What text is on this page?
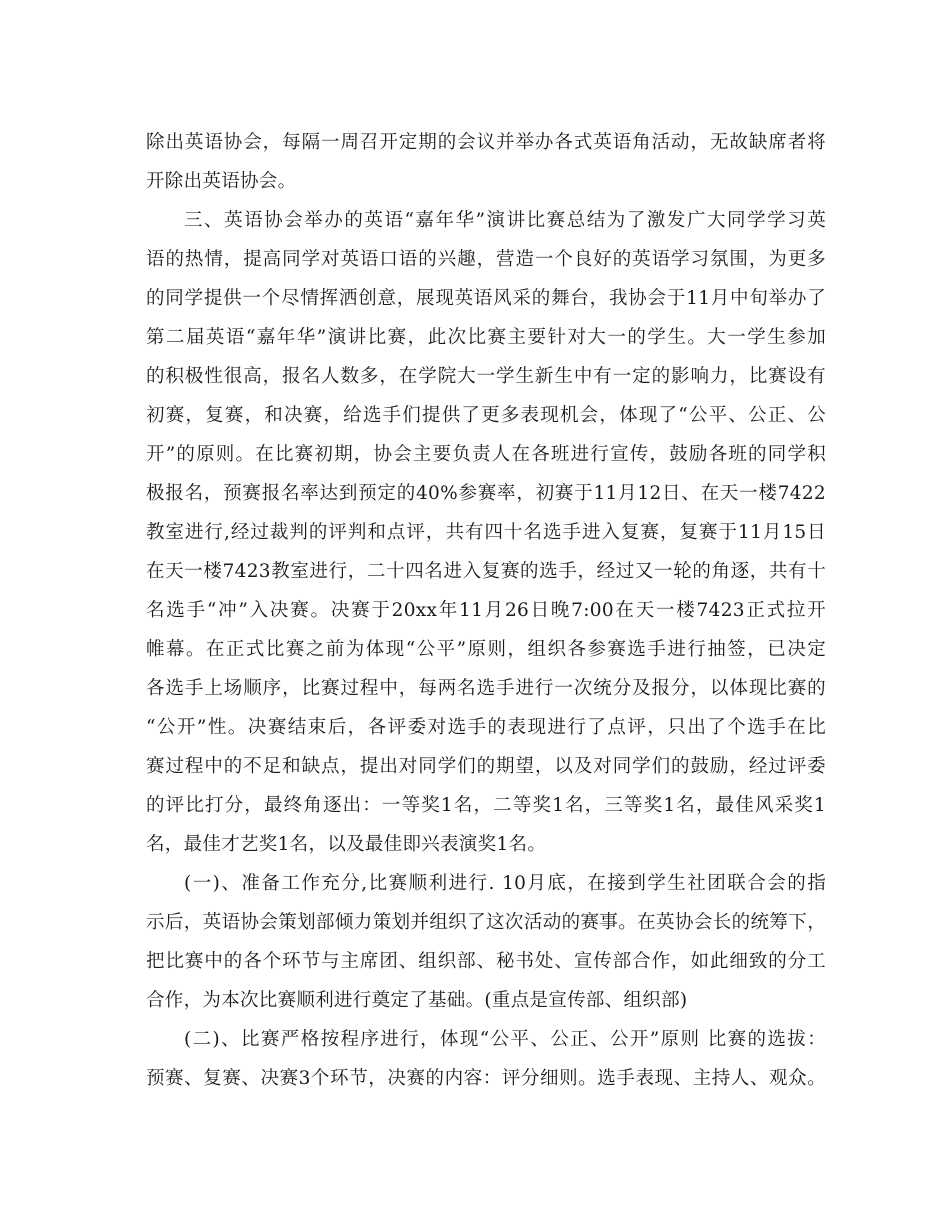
除出英语协会，每隔一周召开定期的会议并举办各式英语角活动，无故缺席者将

开除出英语协会。

三、英语协会举办的英语“嘉年华”演讲比赛总结为了激发广大同学学习英

语的热情，提高同学对英语口语的兴趣，营造一个良好的英语学习氛围，为更多

的同学提供一个尽情挥洒创意，展现英语风采的舞台，我协会于11月中旬举办了

第二届英语“嘉年华”演讲比赛，此次比赛主要针对大一的学生。大一学生参加

的积极性很高，报名人数多，在学院大一学生新生中有一定的影响力，比赛设有

初赛，复赛，和决赛，给选手们提供了更多表现机会，体现了“公平、公正、公

开”的原则。在比赛初期，协会主要负责人在各班进行宣传，鼓励各班的同学积

极报名，预赛报名率达到预定的40%参赛率，初赛于11月12日、在天一楼7422

教室进行,经过裁判的评判和点评，共有四十名选手进入复赛，复赛于11月15日

在天一楼7423教室进行，二十四名进入复赛的选手，经过又一轮的角逐，共有十

名选手“冲”入决赛。决赛于20xx年11月26日晚7:00在天一楼7423正式拉开

帷幕。在正式比赛之前为体现“公平”原则，组织各参赛选手进行抽签，已决定

各选手上场顺序，比赛过程中，每两名选手进行一次统分及报分，以体现比赛的

“公开”性。决赛结束后，各评委对选手的表现进行了点评，只出了个选手在比

赛过程中的不足和缺点，提出对同学们的期望，以及对同学们的鼓励，经过评委

的评比打分，最终角逐出：一等奖1名，二等奖1名，三等奖1名，最佳风采奖1

名，最佳才艺奖1名，以及最佳即兴表演奖1名。

(一)、准备工作充分,比赛顺利进行. 10月底，在接到学生社团联合会的指

示后，英语协会策划部倾力策划并组织了这次活动的赛事。在英协会长的统筹下，

把比赛中的各个环节与主席团、组织部、秘书处、宣传部合作，如此细致的分工

合作，为本次比赛顺利进行奠定了基础。(重点是宣传部、组织部)

(二)、比赛严格按程序进行，体现“公平、公正、公开”原则 比赛的选拔：

预赛、复赛、决赛3个环节，决赛的内容：评分细则。选手表现、主持人、观众。
